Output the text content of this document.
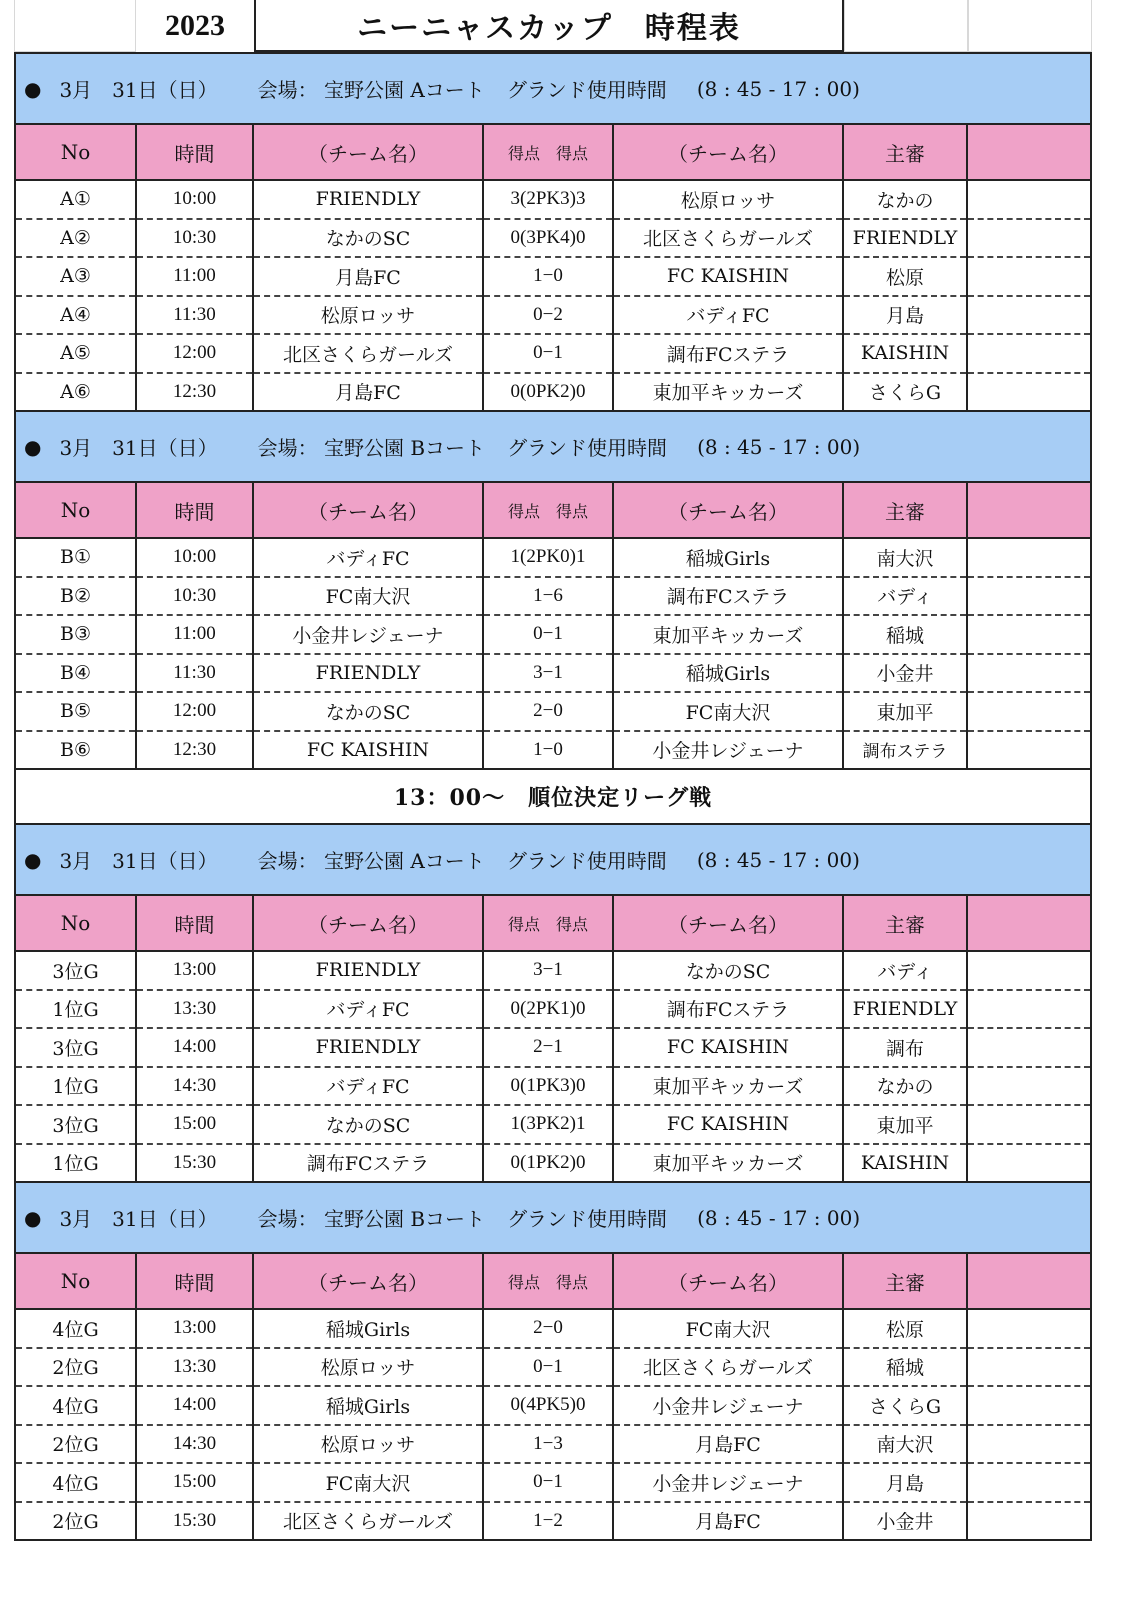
2023	ニーニャスカップ　時程表
● 3月　31日（日） 会場： 宝野公園 Aコート グランド使用時間 (8 : 45 - 17 : 00)
No	時間	（チーム名）	得点　得点	（チーム名）	主審	
A①	10:00	FRIENDLY	3(2PK3)3	松原ロッサ	なかの	
A②	10:30	なかのSC	0(3PK4)0	北区さくらガールズ	FRIENDLY	
A③	11:00	月島FC	1−0	FC KAISHIN	松原	
A④	11:30	松原ロッサ	0−2	バディFC	月島	
A⑤	12:00	北区さくらガールズ	0−1	調布FCステラ	KAISHIN	
A⑥	12:30	月島FC	0(0PK2)0	東加平キッカーズ	さくらG	
● 3月　31日（日） 会場： 宝野公園 Bコート グランド使用時間 (8 : 45 - 17 : 00)
No	時間	（チーム名）	得点　得点	（チーム名）	主審	
B①	10:00	バディFC	1(2PK0)1	稲城Girls	南大沢	
B②	10:30	FC南大沢	1−6	調布FCステラ	バディ	
B③	11:00	小金井レジェーナ	0−1	東加平キッカーズ	稲城	
B④	11:30	FRIENDLY	3−1	稲城Girls	小金井	
B⑤	12:00	なかのSC	2−0	FC南大沢	東加平	
B⑥	12:30	FC KAISHIN	1−0	小金井レジェーナ	調布ステラ	
13：00〜　順位決定リーグ戦
● 3月　31日（日） 会場： 宝野公園 Aコート グランド使用時間 (8 : 45 - 17 : 00)
No	時間	（チーム名）	得点　得点	（チーム名）	主審	
3位G	13:00	FRIENDLY	3−1	なかのSC	バディ	
1位G	13:30	バディFC	0(2PK1)0	調布FCステラ	FRIENDLY	
3位G	14:00	FRIENDLY	2−1	FC KAISHIN	調布	
1位G	14:30	バディFC	0(1PK3)0	東加平キッカーズ	なかの	
3位G	15:00	なかのSC	1(3PK2)1	FC KAISHIN	東加平	
1位G	15:30	調布FCステラ	0(1PK2)0	東加平キッカーズ	KAISHIN	
● 3月　31日（日） 会場： 宝野公園 Bコート グランド使用時間 (8 : 45 - 17 : 00)
No	時間	（チーム名）	得点　得点	（チーム名）	主審	
4位G	13:00	稲城Girls	2−0	FC南大沢	松原	
2位G	13:30	松原ロッサ	0−1	北区さくらガールズ	稲城	
4位G	14:00	稲城Girls	0(4PK5)0	小金井レジェーナ	さくらG	
2位G	14:30	松原ロッサ	1−3	月島FC	南大沢	
4位G	15:00	FC南大沢	0−1	小金井レジェーナ	月島	
2位G	15:30	北区さくらガールズ	1−2	月島FC	小金井	
